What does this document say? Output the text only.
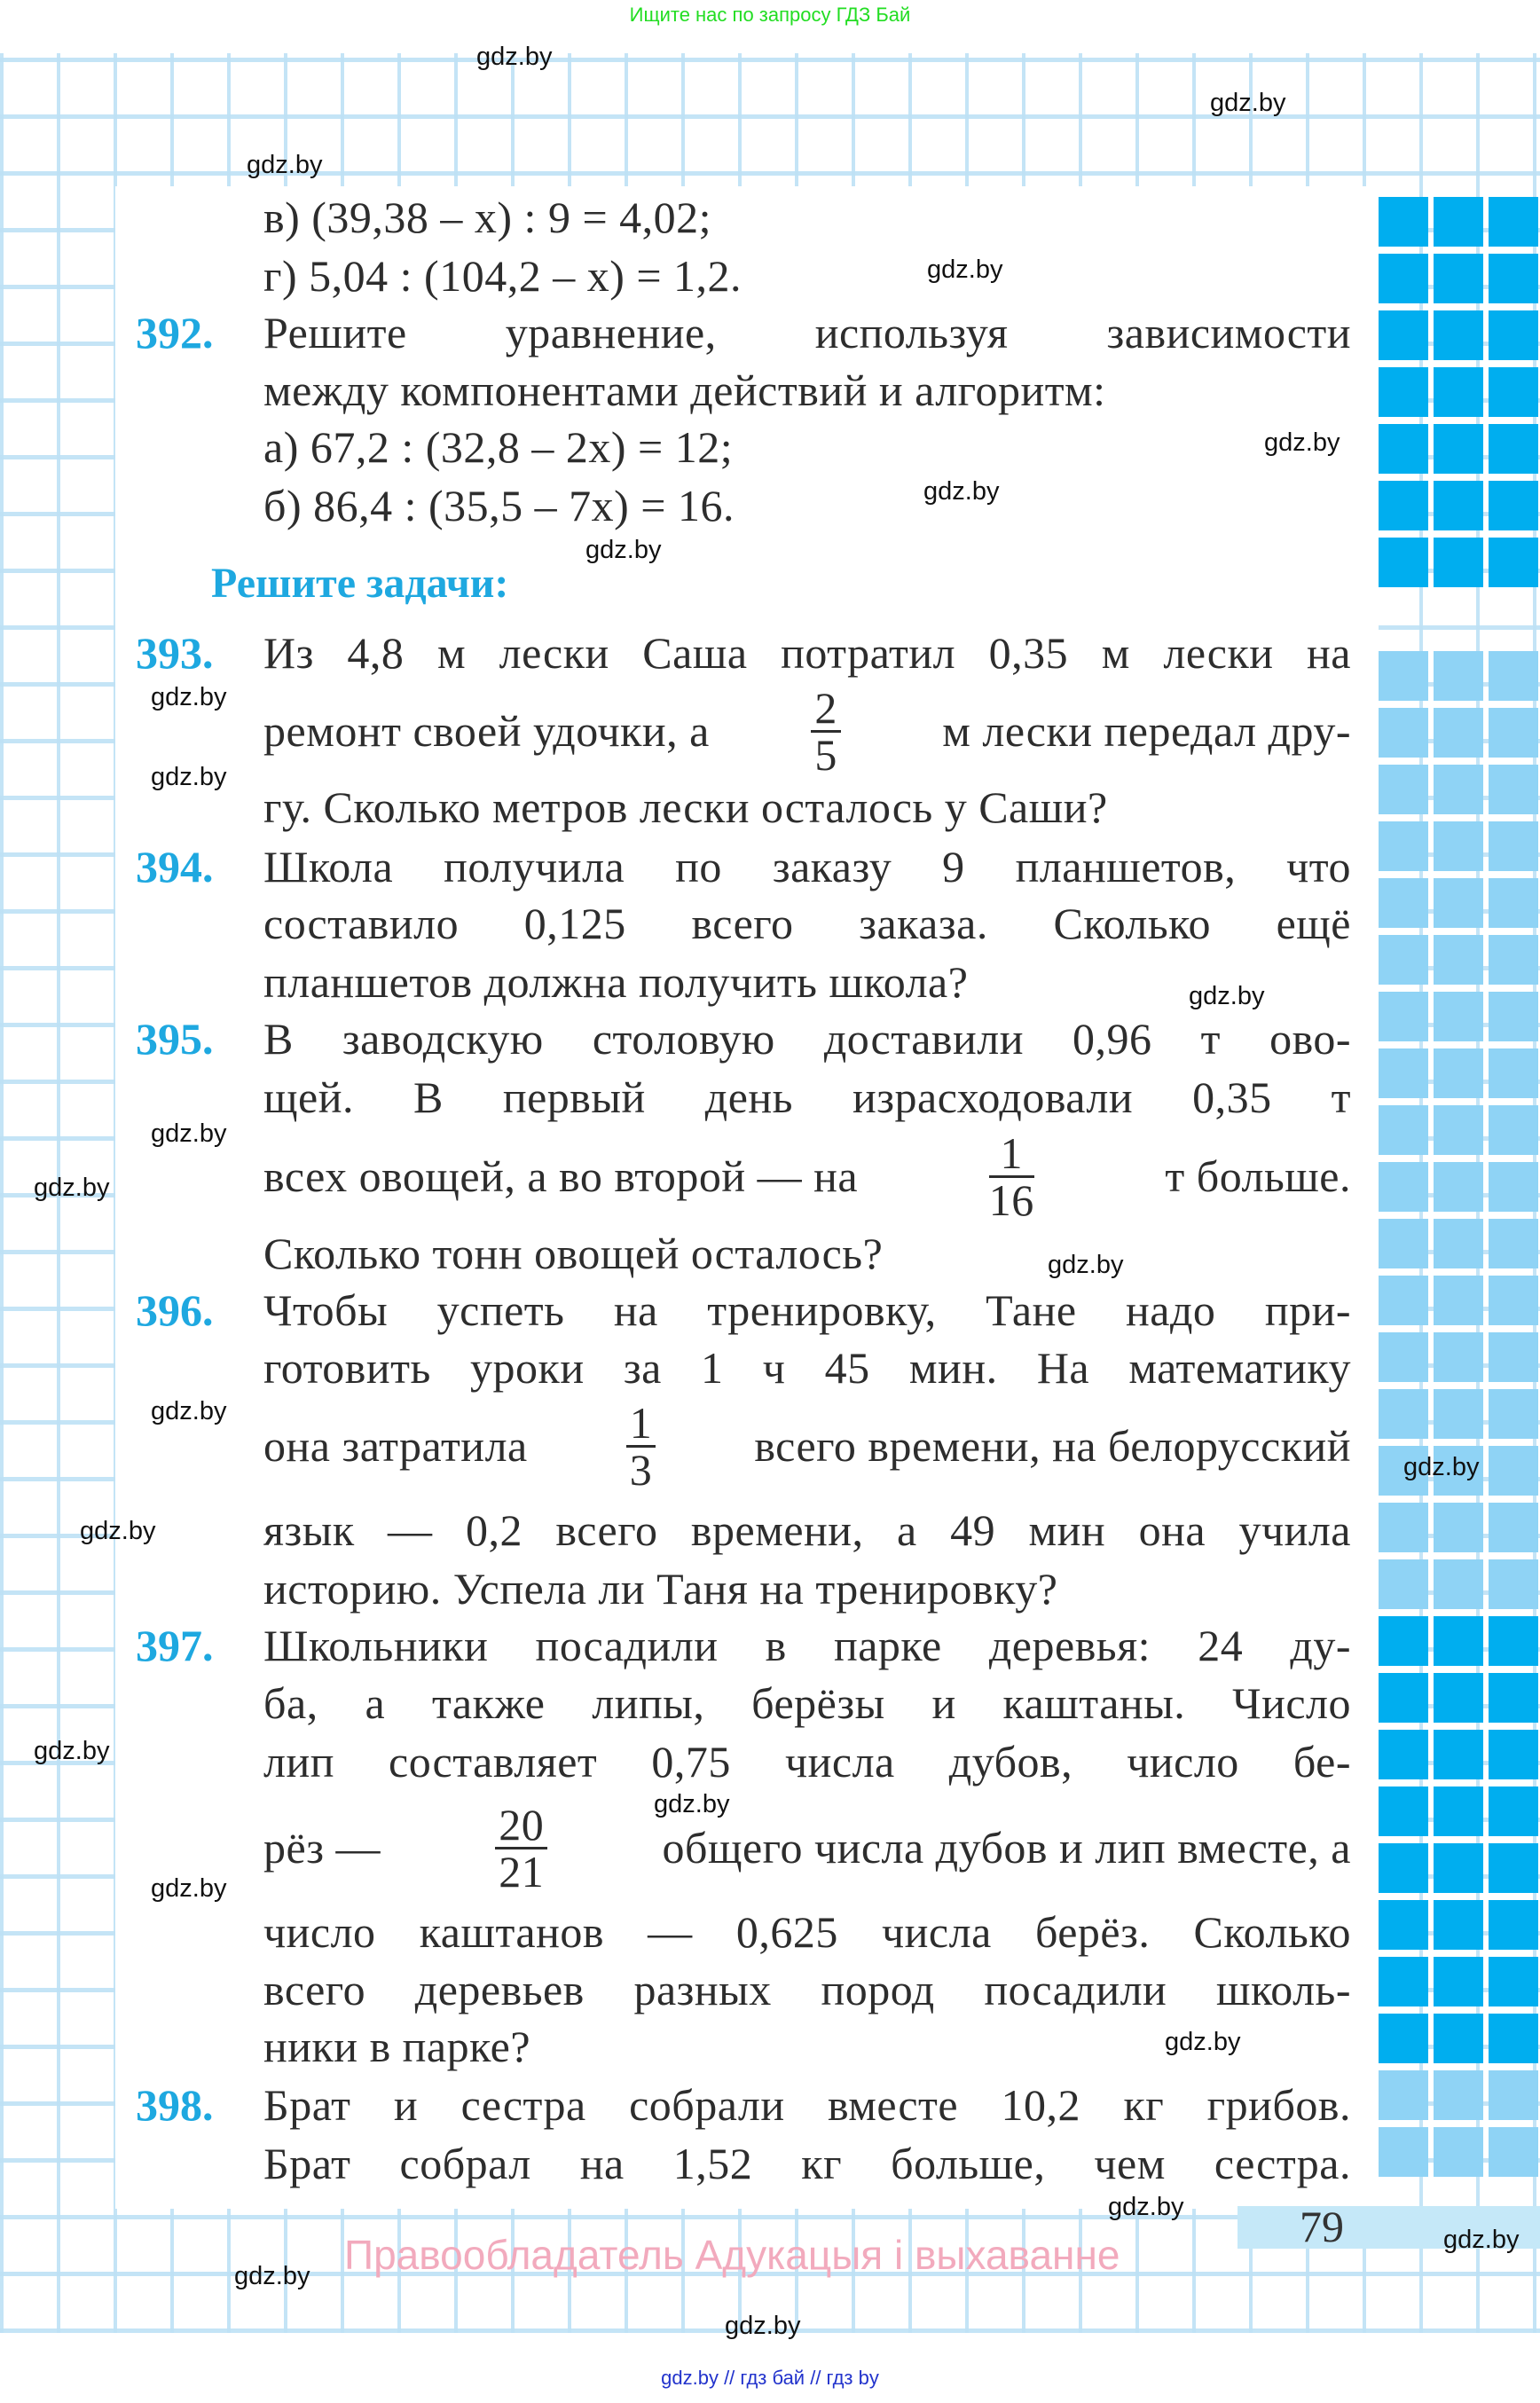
Ищите нас по запросу ГДЗ Бай
в) (39,38 – x) : 9 = 4,02;
г) 5,04 : (104,2 – x) = 1,2.
392. Решите уравнение, используя зависимости
между компонентами действий и алгоритм:
а) 67,2 : (32,8 – 2x) = 12;
б) 86,4 : (35,5 – 7x) = 16.
Решите задачи:
393. Из 4,8 м лески Саша потратил 0,35 м лески на
ремонт своей удочки, а $\frac{2}{5}$ м лески передал дру-
гу. Сколько метров лески осталось у Саши?
394. Школа получила по заказу 9 планшетов, что
составило 0,125 всего заказа. Сколько ещё
планшетов должна получить школа?
395. В заводскую столовую доставили 0,96 т ово-
щей. В первый день израсходовали 0,35 т
всех овощей, а во второй — на	$\frac{1}{16}$	т больше.
Сколько тонн овощей осталось?
396. Чтобы успеть на тренировку, Тане надо при-
готовить уроки за 1 ч 45 мин. На математику
она затратила $\frac{1}{3}$ всего времени, на белорусский
язык — 0,2 всего времени, а 49 мин она учила
историю. Успела ли Таня на тренировку?
397. Школьники посадили в парке деревья: 24 ду-
ба, а также липы, берёзы и каштаны. Число
лип составляет 0,75 числа дубов, число бе-
рёз —	$\frac{20}{21}$	общего числа дубов и лип вместе, а
число каштанов — 0,625 числа берёз. Сколько
всего деревьев разных пород посадили школь-
ники в парке?
398. Брат и сестра собрали вместе 10,2 кг грибов.
Брат собрал на 1,52 кг больше, чем сестра.
79
Правообладатель Адукацыя і выхаванне
gdz.by
gdz.by
gdz.by
gdz.by
gdz.by
gdz.by
gdz.by
gdz.by
gdz.by
gdz.by
gdz.by
gdz.by
gdz.by
gdz.by
gdz.by
gdz.by
gdz.by
gdz.by
gdz.by
gdz.by
gdz.by
gdz.by
gdz.by
gdz.by
gdz.by // гдз бай // гдз by
